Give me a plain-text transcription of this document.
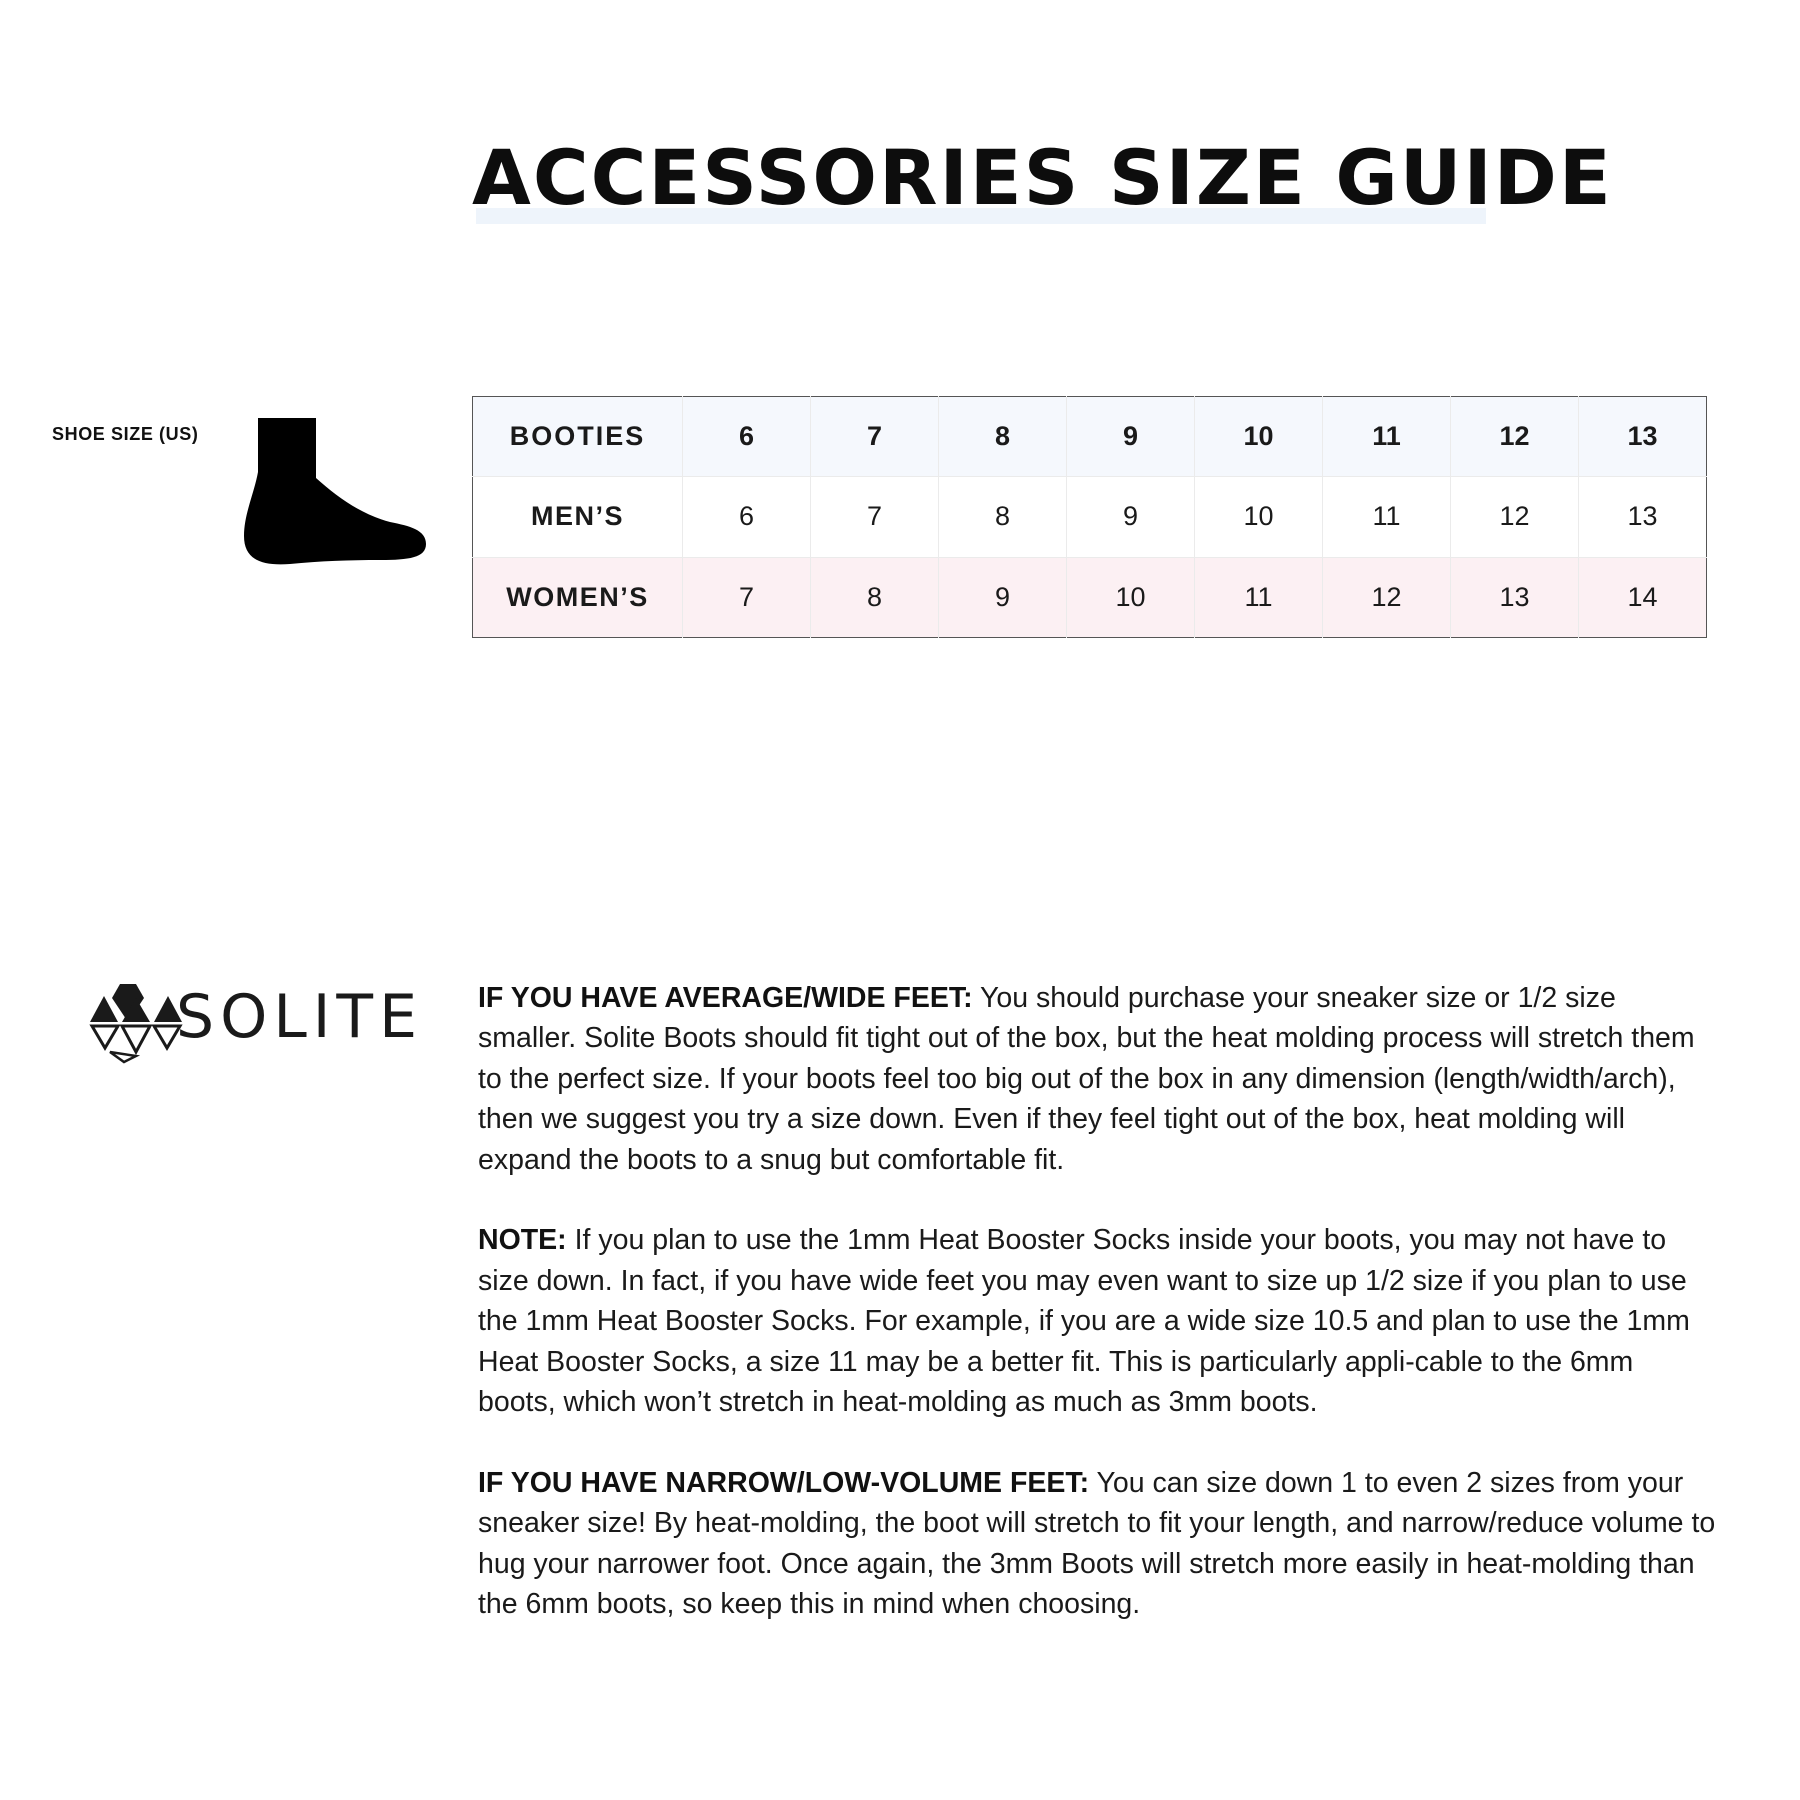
ACCESSORIES SIZE GUIDE
SHOE SIZE (US)	BOOTIES	6	7	8	9	10	11	12	13
MEN’S	6	7	8	9	10	11	12	13
WOMEN’S	7	8	9	10	11	12	13	14
SOLITE IF YOU HAVE AVERAGE/WIDE FEET: You should purchase your sneaker size or 1/2 size smaller. Solite Boots should fit tight out of the box, but the heat molding process will stretch them to the perfect size. If your boots feel too big out of the box in any dimension (length/width/arch), then we suggest you try a size down. Even if they feel tight out of the box, heat molding will expand the boots to a snug but comfortable fit.

NOTE: If you plan to use the 1mm Heat Booster Socks inside your boots, you may not have to size down. In fact, if you have wide feet you may even want to size up 1/2 size if you plan to use the 1mm Heat Booster Socks. For example, if you are a wide size 10.5 and plan to use the 1mm Heat Booster Socks, a size 11 may be a better fit. This is particularly appli-cable to the 6mm boots, which won’t stretch in heat-molding as much as 3mm boots.

IF YOU HAVE NARROW/LOW-VOLUME FEET: You can size down 1 to even 2 sizes from your sneaker size! By heat-molding, the boot will stretch to fit your length, and narrow/reduce volume to hug your narrower foot. Once again, the 3mm Boots will stretch more easily in heat-molding than the 6mm boots, so keep this in mind when choosing.
